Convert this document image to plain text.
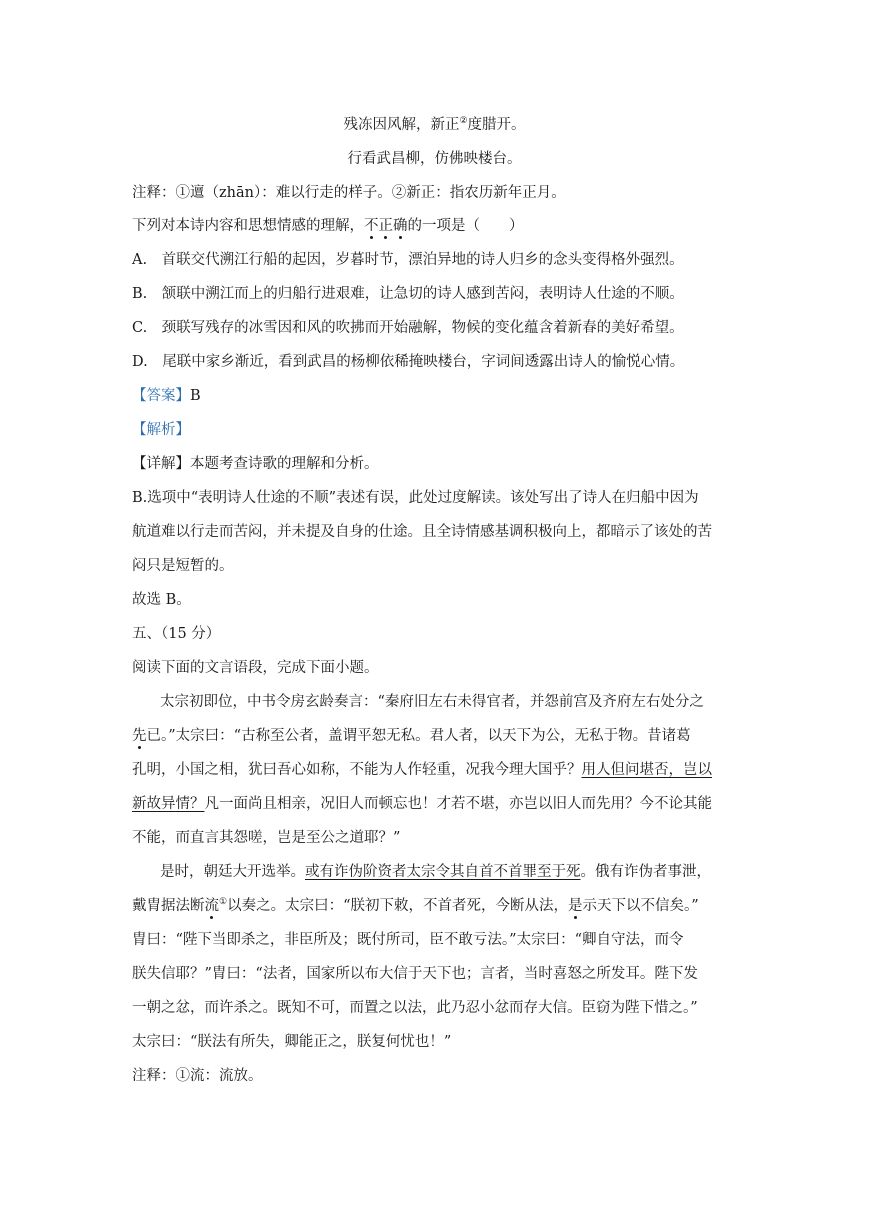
残冻因风解，新正②度腊开。
行看武昌柳，仿佛映楼台。
注释：①邅（zhān）：难以行走的样子。②新正：指农历新年正月。
下列对本诗内容和思想情感的理解，不正确的一项是（　　）
A.　首联交代溯江行船的起因，岁暮时节，漂泊异地的诗人归乡的念头变得格外强烈。
B.　颔联中溯江而上的归船行进艰难，让急切的诗人感到苦闷，表明诗人仕途的不顺。
C.　颈联写残存的冰雪因和风的吹拂而开始融解，物候的变化蕴含着新春的美好希望。
D.　尾联中家乡渐近，看到武昌的杨柳依稀掩映楼台，字词间透露出诗人的愉悦心情。
【答案】B
【解析】
【详解】本题考查诗歌的理解和分析。
B.选项中“表明诗人仕途的不顺”表述有误，此处过度解读。该处写出了诗人在归船中因为
航道难以行走而苦闷，并未提及自身的仕途。且全诗情感基调积极向上，都暗示了该处的苦
闷只是短暂的。
故选 B。
五、（15 分）
阅读下面的文言语段，完成下面小题。
太宗初即位，中书令房玄龄奏言：“秦府旧左右未得官者，并怨前宫及齐府左右处分之
先已。”太宗曰：“古称至公者，盖谓平恕无私。君人者，以天下为公，无私于物。昔诸葛
孔明，小国之相，犹曰吾心如称，不能为人作轻重，况我今理大国乎？用人但问堪否，岂以
新故异情？凡一面尚且相亲，况旧人而顿忘也！才若不堪，亦岂以旧人而先用？今不论其能
不能，而直言其怨嗟，岂是至公之道耶？”
是时，朝廷大开选举。或有诈伪阶资者太宗令其自首不首罪至于死。俄有诈伪者事泄，
戴胄据法断流①以奏之。太宗曰：“朕初下敕，不首者死，今断从法，是示天下以不信矣。”
胄曰：“陛下当即杀之，非臣所及；既付所司，臣不敢亏法。”太宗曰：“卿自守法，而令
朕失信耶？”胄曰：“法者，国家所以布大信于天下也；言者，当时喜怒之所发耳。陛下发
一朝之忿，而许杀之。既知不可，而置之以法，此乃忍小忿而存大信。臣窃为陛下惜之。”
太宗曰：“朕法有所失，卿能正之，朕复何忧也！”
注释：①流：流放。
